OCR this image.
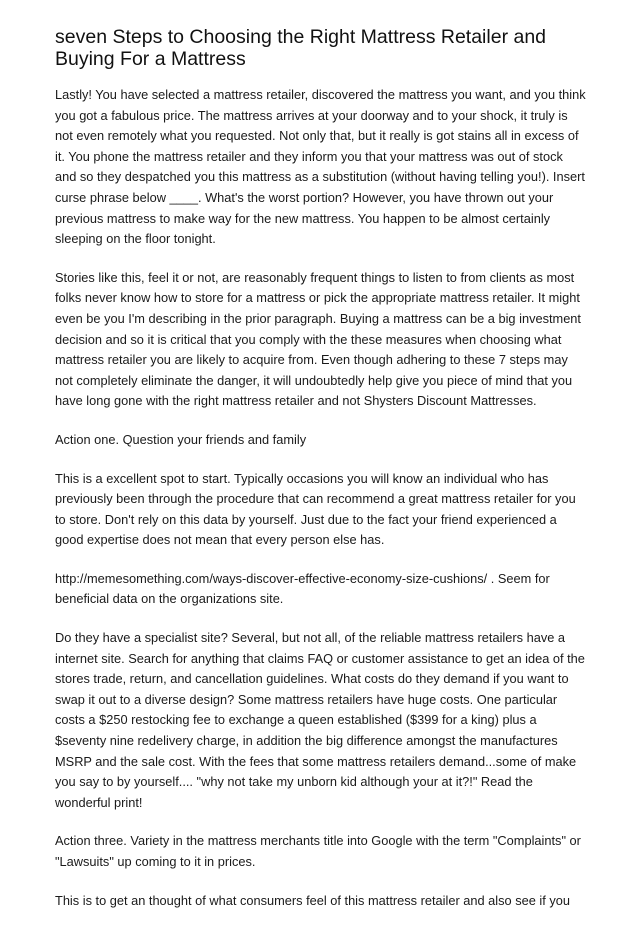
seven Steps to Choosing the Right Mattress Retailer and Buying For a Mattress

Lastly! You have selected a mattress retailer, discovered the mattress you want, and you think you got a fabulous price. The mattress arrives at your doorway and to your shock, it truly is not even remotely what you requested. Not only that, but it really is got stains all in excess of it. You phone the mattress retailer and they inform you that your mattress was out of stock and so they despatched you this mattress as a substitution (without having telling you!). Insert curse phrase below ____. What's the worst portion? However, you have thrown out your previous mattress to make way for the new mattress. You happen to be almost certainly sleeping on the floor tonight.

Stories like this, feel it or not, are reasonably frequent things to listen to from clients as most folks never know how to store for a mattress or pick the appropriate mattress retailer. It might even be you I'm describing in the prior paragraph. Buying a mattress can be a big investment decision and so it is critical that you comply with the these measures when choosing what mattress retailer you are likely to acquire from. Even though adhering to these 7 steps may not completely eliminate the danger, it will undoubtedly help give you piece of mind that you have long gone with the right mattress retailer and not Shysters Discount Mattresses.

Action one. Question your friends and family

This is a excellent spot to start. Typically occasions you will know an individual who has previously been through the procedure that can recommend a great mattress retailer for you to store. Don't rely on this data by yourself. Just due to the fact your friend experienced a good expertise does not mean that every person else has.

http://memesomething.com/ways-discover-effective-economy-size-cushions/ . Seem for beneficial data on the organizations site.

Do they have a specialist site? Several, but not all, of the reliable mattress retailers have a internet site. Search for anything that claims FAQ or customer assistance to get an idea of the stores trade, return, and cancellation guidelines. What costs do they demand if you want to swap it out to a diverse design? Some mattress retailers have huge costs. One particular costs a $250 restocking fee to exchange a queen established ($399 for a king) plus a $seventy nine redelivery charge, in addition the big difference amongst the manufactures MSRP and the sale cost. With the fees that some mattress retailers demand...some of make you say to by yourself.... "why not take my unborn kid although your at it?!" Read the wonderful print!

Action three. Variety in the mattress merchants title into Google with the term "Complaints" or "Lawsuits" up coming to it in prices.

This is to get an thought of what consumers feel of this mattress retailer and also see if you
